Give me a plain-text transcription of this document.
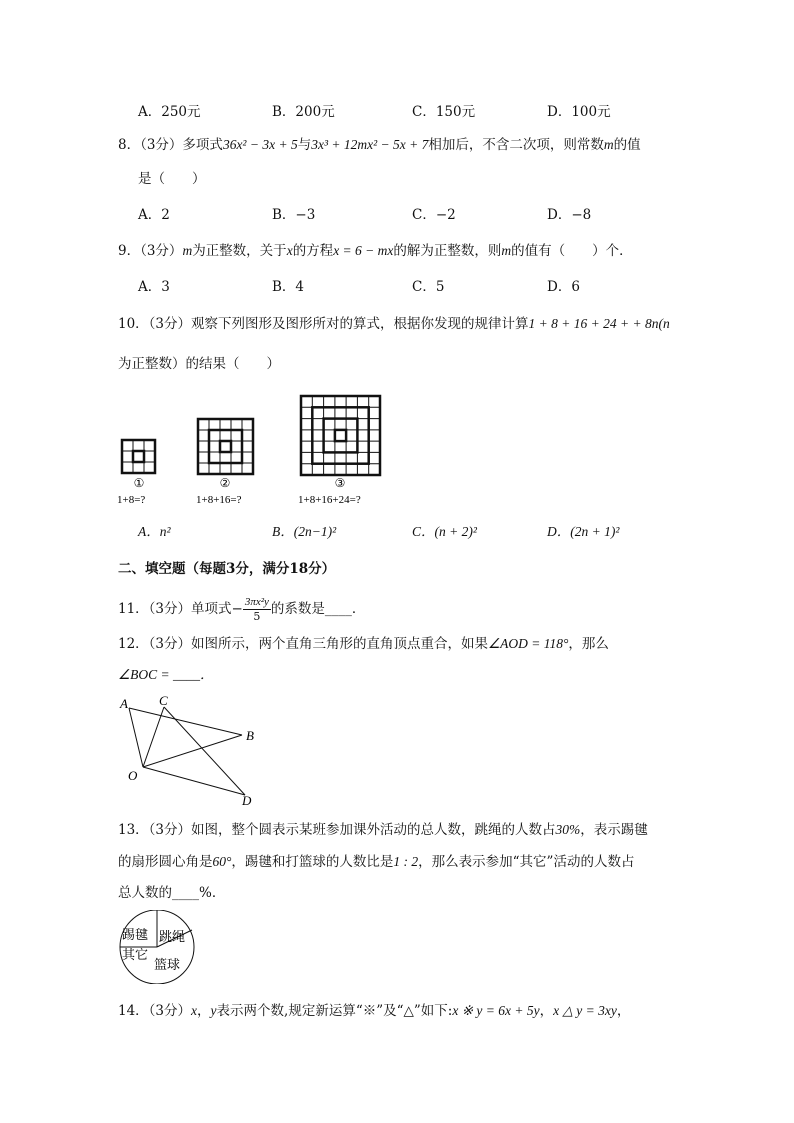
A．250元	B．200元	C．150元	D．100元
8．（3分）多项式36x² − 3x + 5与3x³ + 12mx² − 5x + 7相加后，不含二次项，则常数m的值
是（　　）
A．2	B．−3	C．−2	D．−8
9．（3分）m为正整数，关于x的方程x = 6 − mx的解为正整数，则m的值有（　　）个．
A．3	B．4	C．5	D．6
10．（3分）观察下列图形及图形所对的算式，根据你发现的规律计算1 + 8 + 16 + 24 + + 8n(n
为正整数）的结果（　　）
①
1+8=?
②
1+8+16=?
③
1+8+16+24=?
A．n²	B．(2n−1)²	C．(n + 2)²	D．(2n + 1)²
二、填空题（每题3分，满分18分）
11．（3分）单项式− $\frac{\text{3πx²y}}{5}$ 的系数是____．
12．（3分）如图所示，两个直角三角形的直角顶点重合，如果∠AOD = 118°，那么
∠BOC = ____．
A C
B
O
D
13．（3分）如图，整个圆表示某班参加课外活动的总人数，跳绳的人数占30%，表示踢毽
的扇形圆心角是60°，踢毽和打篮球的人数比是1 : 2，那么表示参加“其它”活动的人数占
总人数的____%．
踢毽 跳绳
其它
篮球
14．（3分）x，y表示两个数,规定新运算“※”及“△”如下:x ※ y = 6x + 5y，x △ y = 3xy，
